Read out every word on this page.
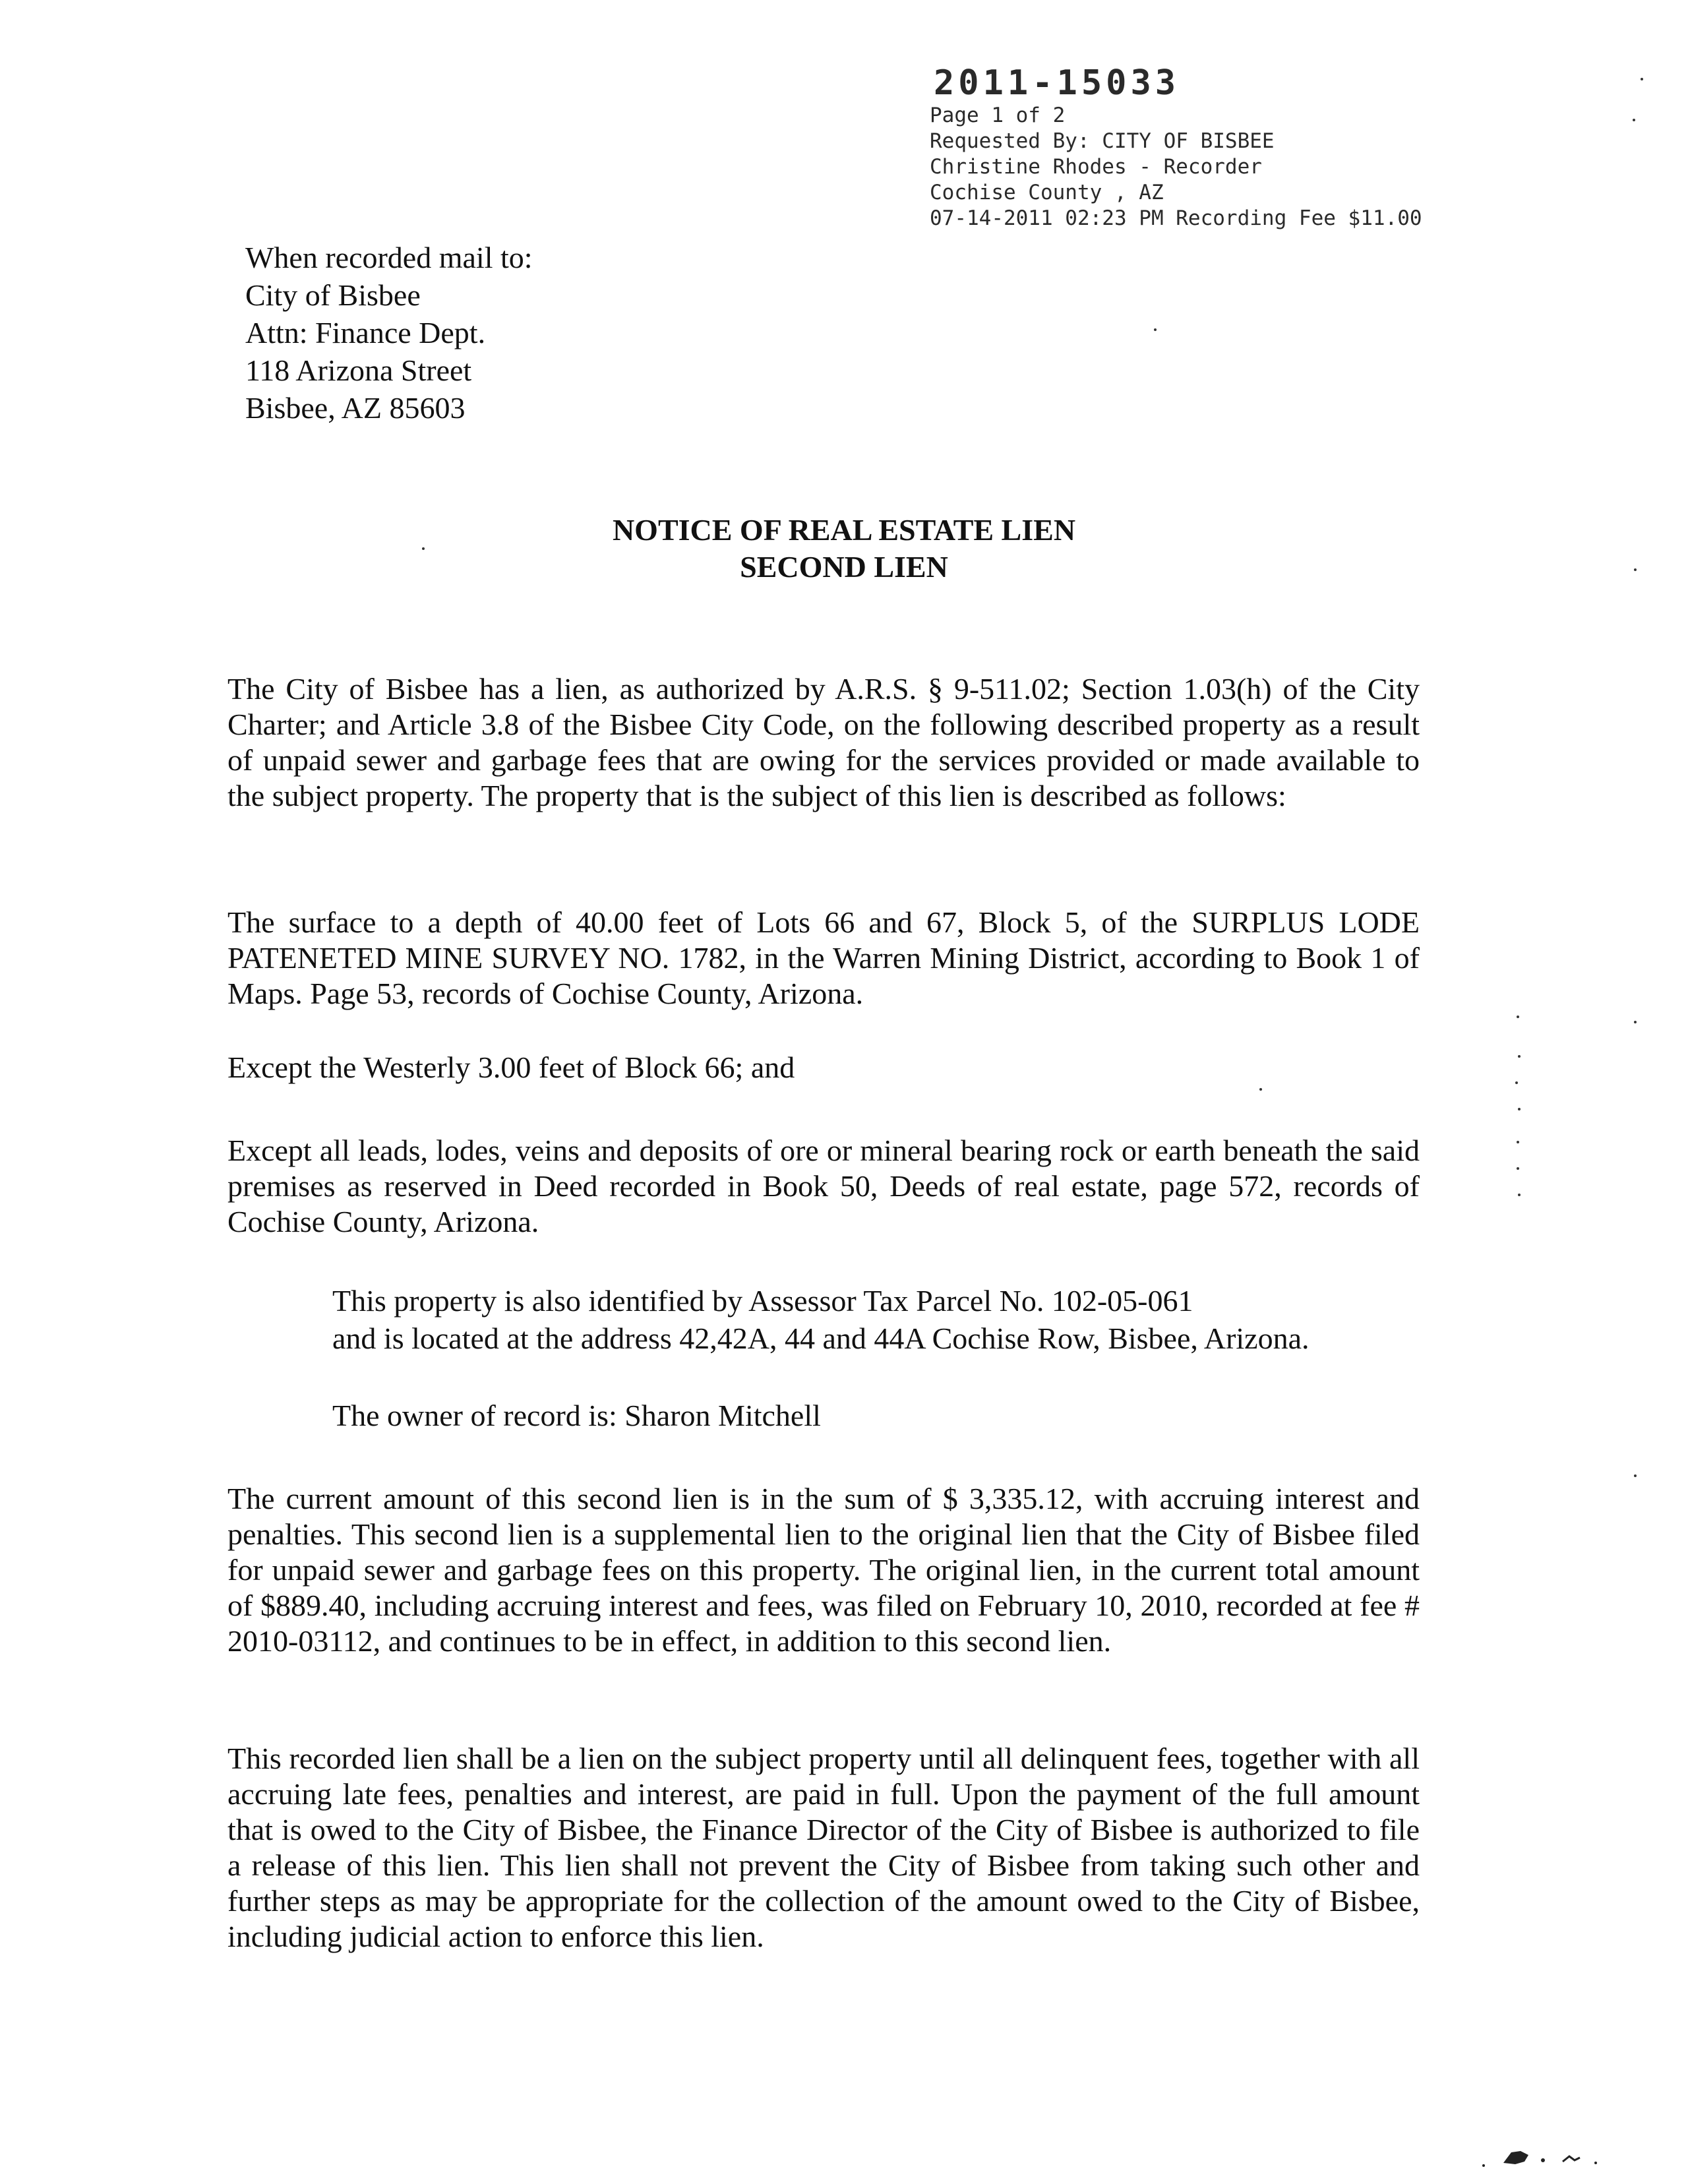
2011-15033
Page 1 of 2
Requested By: CITY OF BISBEE
Christine Rhodes - Recorder
Cochise County , AZ
07-14-2011 02:23 PM Recording Fee $11.00
When recorded mail to:
City of Bisbee
Attn: Finance Dept.
118 Arizona Street
Bisbee, AZ 85603
NOTICE OF REAL ESTATE LIEN
SECOND LIEN
The City of Bisbee has a lien, as authorized by A.R.S. § 9-511.02; Section 1.03(h) of the City Charter; and Article 3.8 of the Bisbee City Code, on the following described property as a result of unpaid sewer and garbage fees that are owing for the services provided or made available to the subject property. The property that is the subject of this lien is described as follows:
The surface to a depth of 40.00 feet of Lots 66 and 67, Block 5, of the SURPLUS LODE PATENETED MINE SURVEY NO. 1782, in the Warren Mining District, according to Book 1 of Maps. Page 53, records of Cochise County, Arizona.
Except the Westerly 3.00 feet of Block 66; and
Except all leads, lodes, veins and deposits of ore or mineral bearing rock or earth beneath the said premises as reserved in Deed recorded in Book 50, Deeds of real estate, page 572, records of Cochise County, Arizona.
This property is also identified by Assessor Tax Parcel No. 102-05-061
and is located at the address 42,42A, 44 and 44A Cochise Row, Bisbee, Arizona.
The owner of record is: Sharon Mitchell
The current amount of this second lien is in the sum of $ 3,335.12, with accruing interest and penalties. This second lien is a supplemental lien to the original lien that the City of Bisbee filed for unpaid sewer and garbage fees on this property. The original lien, in the current total amount of $889.40, including accruing interest and fees, was filed on February 10, 2010, recorded at fee # 2010-03112, and continues to be in effect, in addition to this second lien.
This recorded lien shall be a lien on the subject property until all delinquent fees, together with all accruing late fees, penalties and interest, are paid in full. Upon the payment of the full amount that is owed to the City of Bisbee, the Finance Director of the City of Bisbee is authorized to file a release of this lien. This lien shall not prevent the City of Bisbee from taking such other and further steps as may be appropriate for the collection of the amount owed to the City of Bisbee, including judicial action to enforce this lien.
